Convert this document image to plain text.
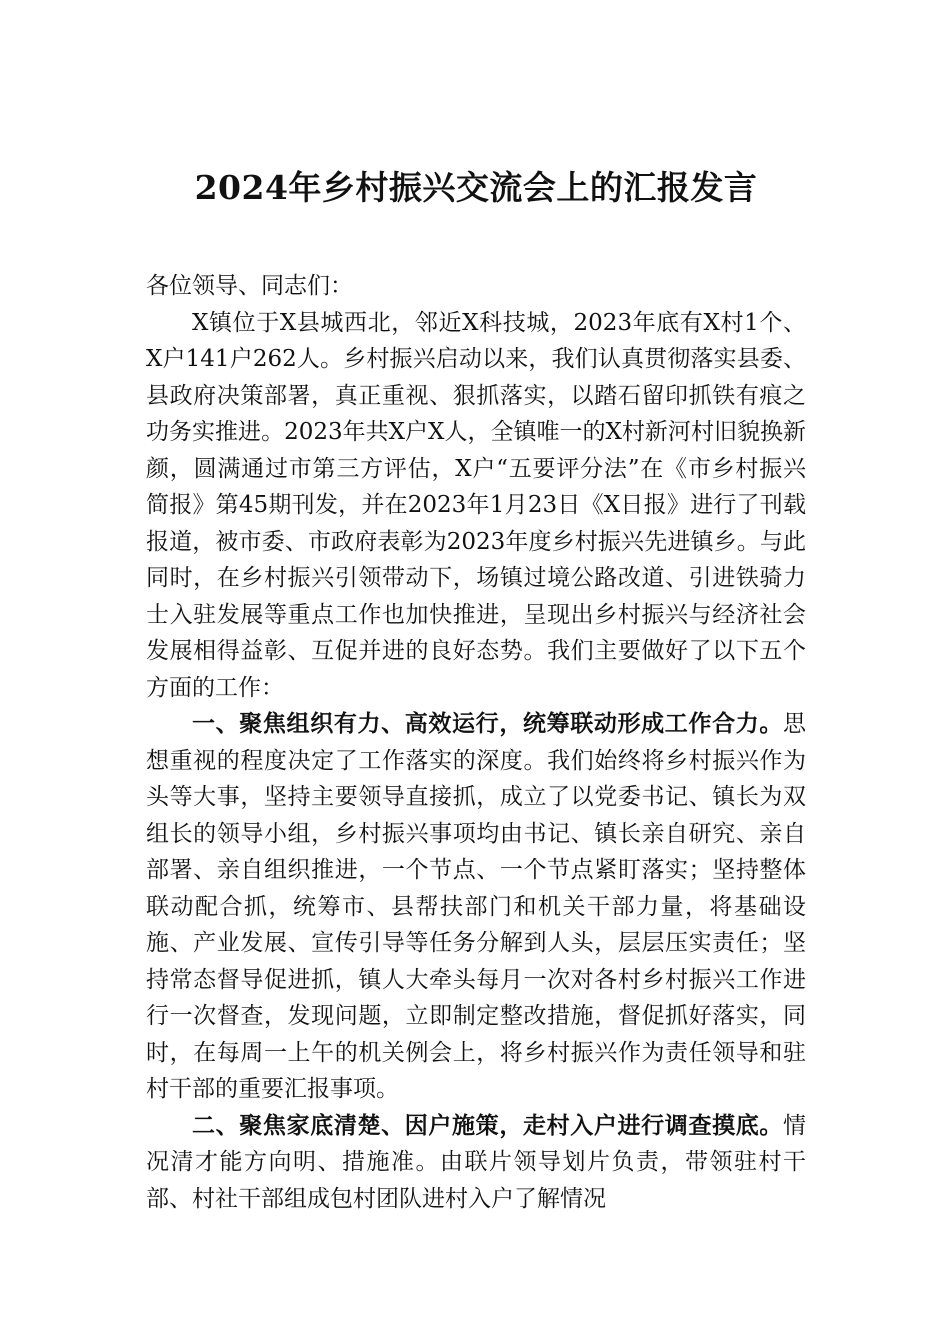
2024年乡村振兴交流会上的汇报发言

各位领导、同志们：

X镇位于X县城西北，邻近X科技城，2023年底有X村1个、X户141户262人。乡村振兴启动以来，我们认真贯彻落实县委、县政府决策部署，真正重视、狠抓落实，以踏石留印抓铁有痕之功务实推进。2023年共X户X人，全镇唯一的X村新河村旧貌换新颜，圆满通过市第三方评估，X户“五要评分法”在《市乡村振兴简报》第45期刊发，并在2023年1月23日《X日报》进行了刊载报道，被市委、市政府表彰为2023年度乡村振兴先进镇乡。与此同时，在乡村振兴引领带动下，场镇过境公路改道、引进铁骑力士入驻发展等重点工作也加快推进，呈现出乡村振兴与经济社会发展相得益彰、互促并进的良好态势。我们主要做好了以下五个方面的工作：

一、聚焦组织有力、高效运行，统筹联动形成工作合力。思想重视的程度决定了工作落实的深度。我们始终将乡村振兴作为头等大事，坚持主要领导直接抓，成立了以党委书记、镇长为双组长的领导小组，乡村振兴事项均由书记、镇长亲自研究、亲自部署、亲自组织推进，一个节点、一个节点紧盯落实；坚持整体联动配合抓，统筹市、县帮扶部门和机关干部力量，将基础设施、产业发展、宣传引导等任务分解到人头，层层压实责任；坚持常态督导促进抓，镇人大牵头每月一次对各村乡村振兴工作进行一次督查，发现问题，立即制定整改措施，督促抓好落实，同时，在每周一上午的机关例会上，将乡村振兴作为责任领导和驻村干部的重要汇报事项。

二、聚焦家底清楚、因户施策，走村入户进行调查摸底。情况清才能方向明、措施准。由联片领导划片负责，带领驻村干部、村社干部组成包村团队进村入户了解情况
